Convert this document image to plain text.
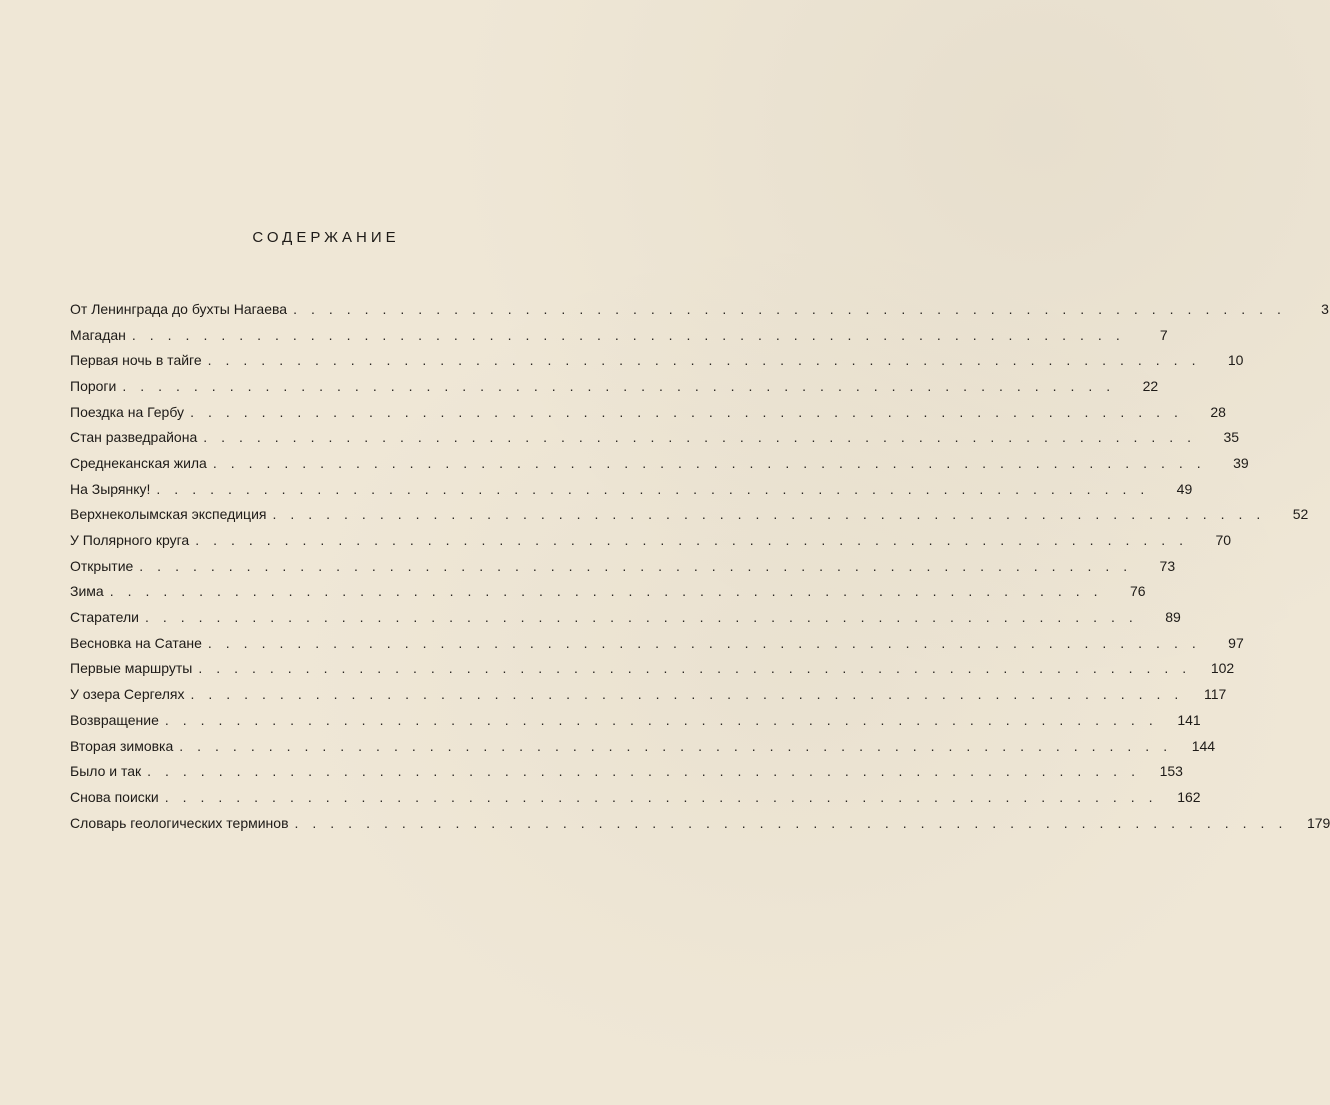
СОДЕРЖАНИЕ
От Ленинграда до бухты Нагаева ........................................................	3
Магадан ........................................................	7
Первая ночь в тайге ........................................................	10
Пороги ........................................................	22
Поездка на Гербу ........................................................	28
Стан разведрайона ........................................................	35
Среднеканская жила ........................................................	39
На Зырянку! ........................................................	49
Верхнеколымская экспедиция ........................................................	52
У Полярного круга ........................................................	70
Открытие ........................................................	73
Зима ........................................................	76
Старатели ........................................................	89
Весновка на Сатане ........................................................	97
Первые маршруты ........................................................ 102
У озера Сергелях ........................................................ 117
Возвращение ........................................................ 141
Вторая зимовка ........................................................ 144
Было и так ........................................................ 153
Снова поиски ........................................................ 162
Словарь геологических терминов ........................................................ 179
